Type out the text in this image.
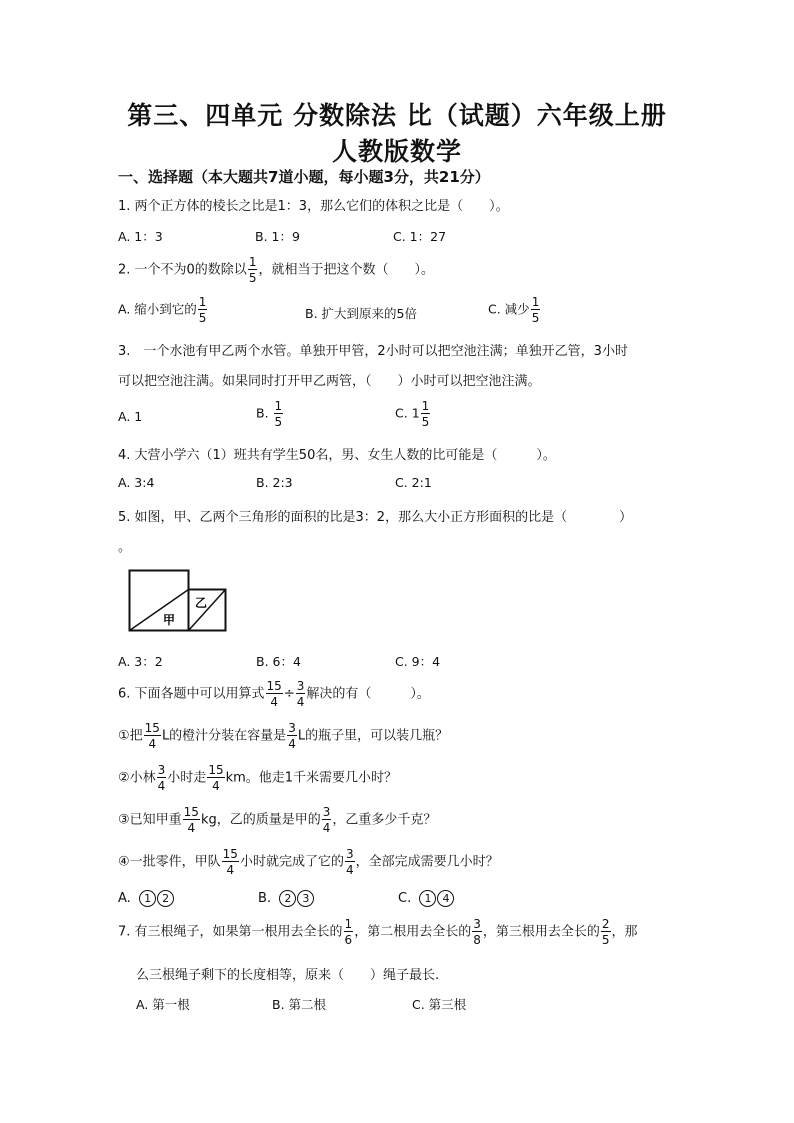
第三、四单元 分数除法 比（试题）六年级上册
人教版数学
一、选择题（本大题共7道小题，每小题3分，共21分）
1. 两个正方体的棱长之比是1：3，那么它们的体积之比是（　　）。
A. 1：3	B. 1：9	C. 1：27
2. 一个不为0的数除以 $\frac{1}{5}$ ，就相当于把这个数（　　）。
A. 缩小到它的 $\frac{1}{5}$	B. 扩大到原来的5倍	C. 减少 $\frac{1}{5}$
3.　一个水池有甲乙两个水管。单独开甲管，2小时可以把空池注满；单独开乙管，3小时
可以把空池注满。如果同时打开甲乙两管，（　　）小时可以把空池注满。
A. 1	B. $\frac{1}{5}$	C. $1 \frac{1}{5}$
4. 大营小学六（1）班共有学生50名，男、女生人数的比可能是（　　　）。
A. 3:4	B. 2:3	C. 2:1
5. 如图，甲、乙两个三角形的面积的比是3：2，那么大小正方形面积的比是（　　　　）
。
甲
乙
A. 3：2	B. 6：4	C. 9：4
6. 下面各题中可以用算式 $\frac{15}{4} \div \frac{3}{4}$ 解决的有（　　　）。
①把 $\frac{15}{4}$ L的橙汁分装在容量是 $\frac{3}{4}$ L的瓶子里，可以装几瓶？
②小林 $\frac{3}{4}$ 小时走 $\frac{15}{4}$ km。他走1千米需要几小时？
③已知甲重 $\frac{15}{4}$ kg，乙的质量是甲的 $\frac{3}{4}$ ，乙重多少千克？
④一批零件，甲队 $\frac{15}{4}$ 小时就完成了它的 $\frac{3}{4}$ ，全部完成需要几小时？
A. 1 2	B. 2 3	C. 1 4
7. 有三根绳子，如果第一根用去全长的 $\frac{1}{6}$ ，第二根用去全长的 $\frac{3}{8}$ ，第三根用去全长的 $\frac{2}{5}$ ，那
么三根绳子剩下的长度相等，原来（　　）绳子最长.
A. 第一根	B. 第二根	C. 第三根
